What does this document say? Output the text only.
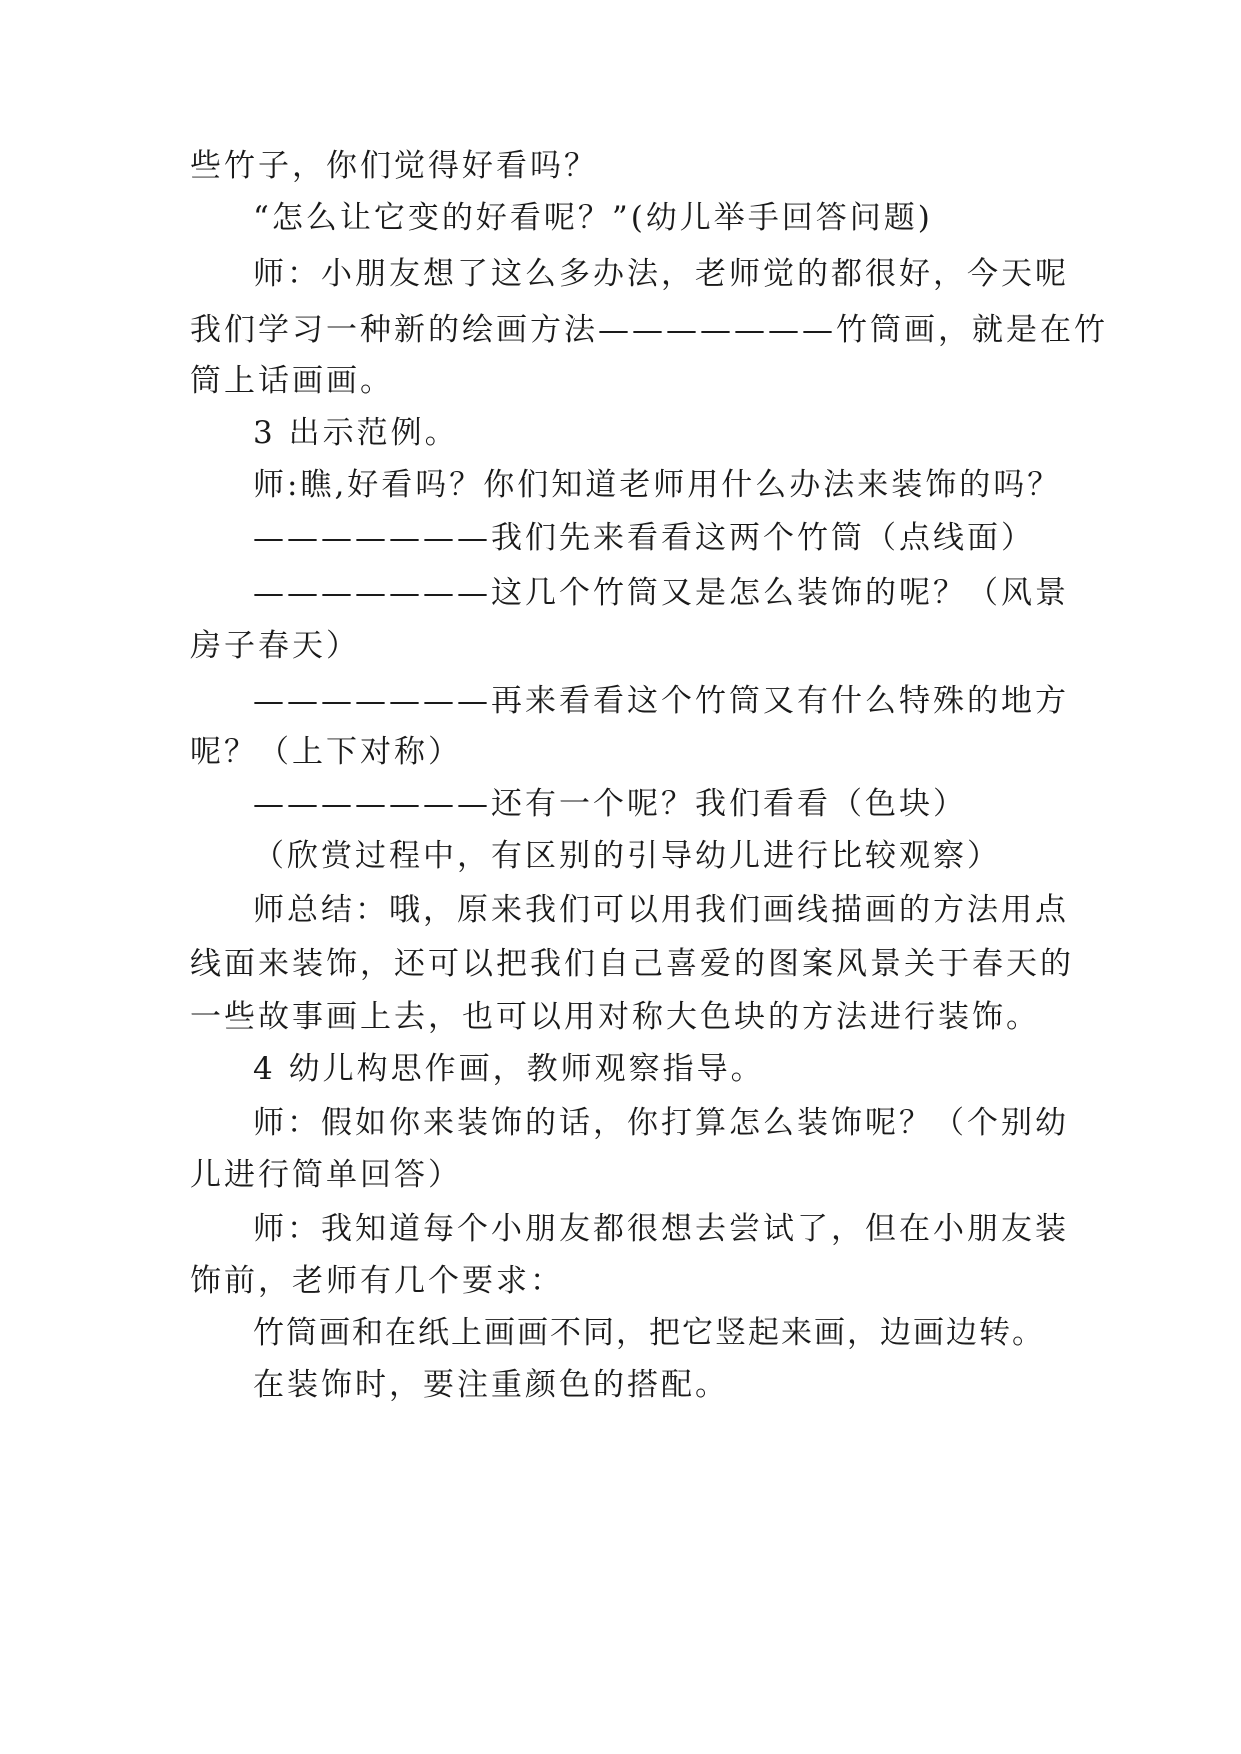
些竹子，你们觉得好看吗？
“怎么让它变的好看呢？”(幼儿举手回答问题)
师：小朋友想了这么多办法，老师觉的都很好，今天呢
我们学习一种新的绘画方法———————竹筒画，就是在竹
筒上话画画。
3 出示范例。
师:瞧,好看吗？你们知道老师用什么办法来装饰的吗？
———————我们先来看看这两个竹筒（点线面）
———————这几个竹筒又是怎么装饰的呢？（风景
房子春天）
———————再来看看这个竹筒又有什么特殊的地方
呢？（上下对称）
———————还有一个呢？我们看看（色块）
（欣赏过程中，有区别的引导幼儿进行比较观察）
师总结：哦，原来我们可以用我们画线描画的方法用点
线面来装饰，还可以把我们自己喜爱的图案风景关于春天的
一些故事画上去，也可以用对称大色块的方法进行装饰。
4 幼儿构思作画，教师观察指导。
师：假如你来装饰的话，你打算怎么装饰呢？（个别幼
儿进行简单回答）
师：我知道每个小朋友都很想去尝试了，但在小朋友装
饰前，老师有几个要求：
竹筒画和在纸上画画不同，把它竖起来画，边画边转。
在装饰时，要注重颜色的搭配。
